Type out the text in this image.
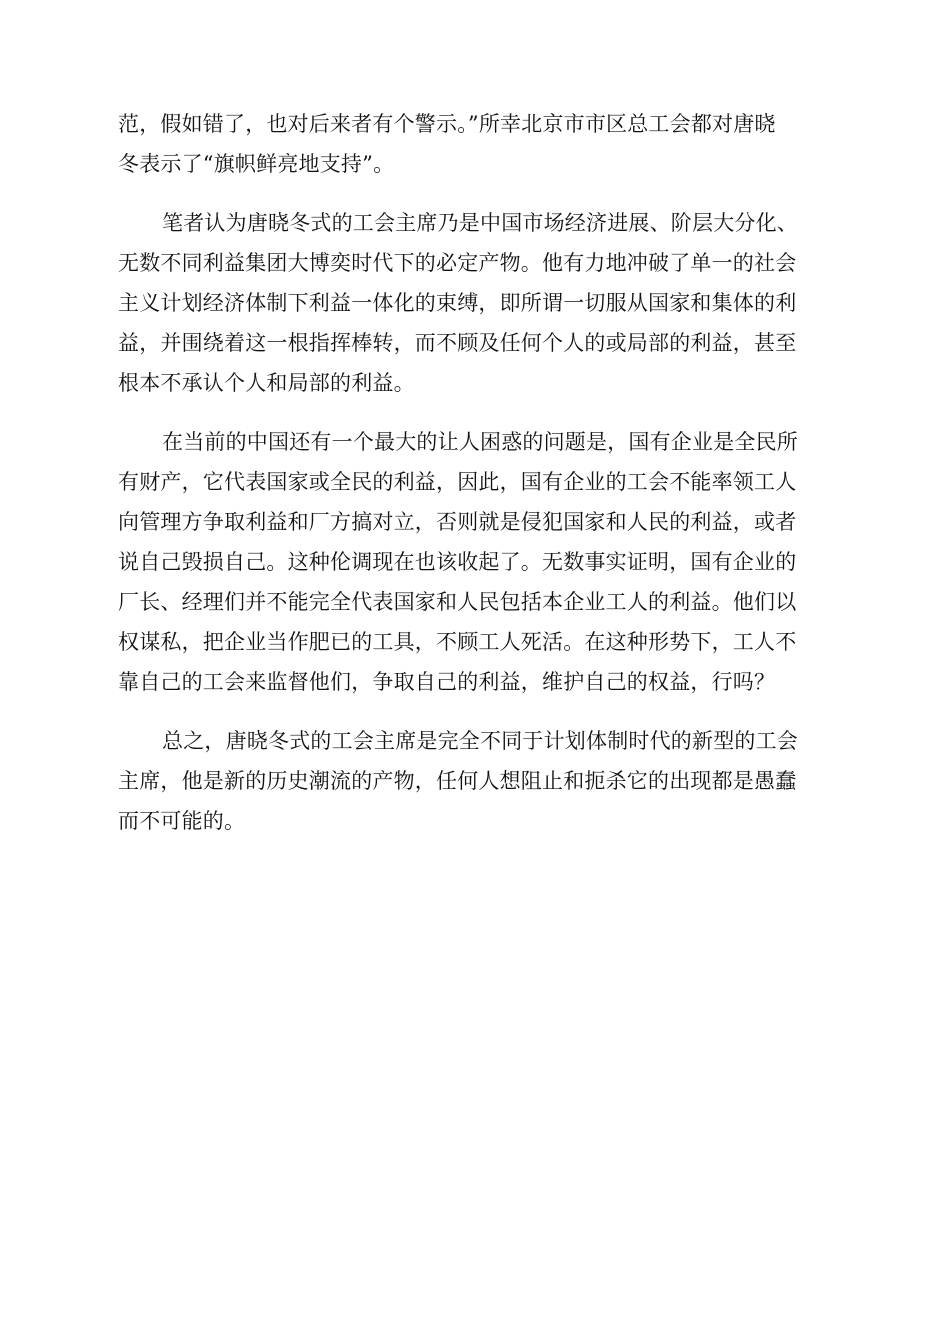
范，假如错了，也对后来者有个警示。”所幸北京市市区总工会都对唐晓
冬表示了“旗帜鲜亮地支持”。

笔者认为唐晓冬式的工会主席乃是中国市场经济进展、阶层大分化、
无数不同利益集团大博奕时代下的必定产物。他有力地冲破了单一的社会
主义计划经济体制下利益一体化的束缚，即所谓一切服从国家和集体的利
益，并围绕着这一根指挥棒转，而不顾及任何个人的或局部的利益，甚至
根本不承认个人和局部的利益。

在当前的中国还有一个最大的让人困惑的问题是，国有企业是全民所
有财产，它代表国家或全民的利益，因此，国有企业的工会不能率领工人
向管理方争取利益和厂方搞对立，否则就是侵犯国家和人民的利益，或者
说自己毁损自己。这种伦调现在也该收起了。无数事实证明，国有企业的
厂长、经理们并不能完全代表国家和人民包括本企业工人的利益。他们以
权谋私，把企业当作肥已的工具，不顾工人死活。在这种形势下，工人不
靠自己的工会来监督他们，争取自己的利益，维护自己的权益，行吗？

总之，唐晓冬式的工会主席是完全不同于计划体制时代的新型的工会
主席，他是新的历史潮流的产物，任何人想阻止和扼杀它的出现都是愚蠢
而不可能的。
